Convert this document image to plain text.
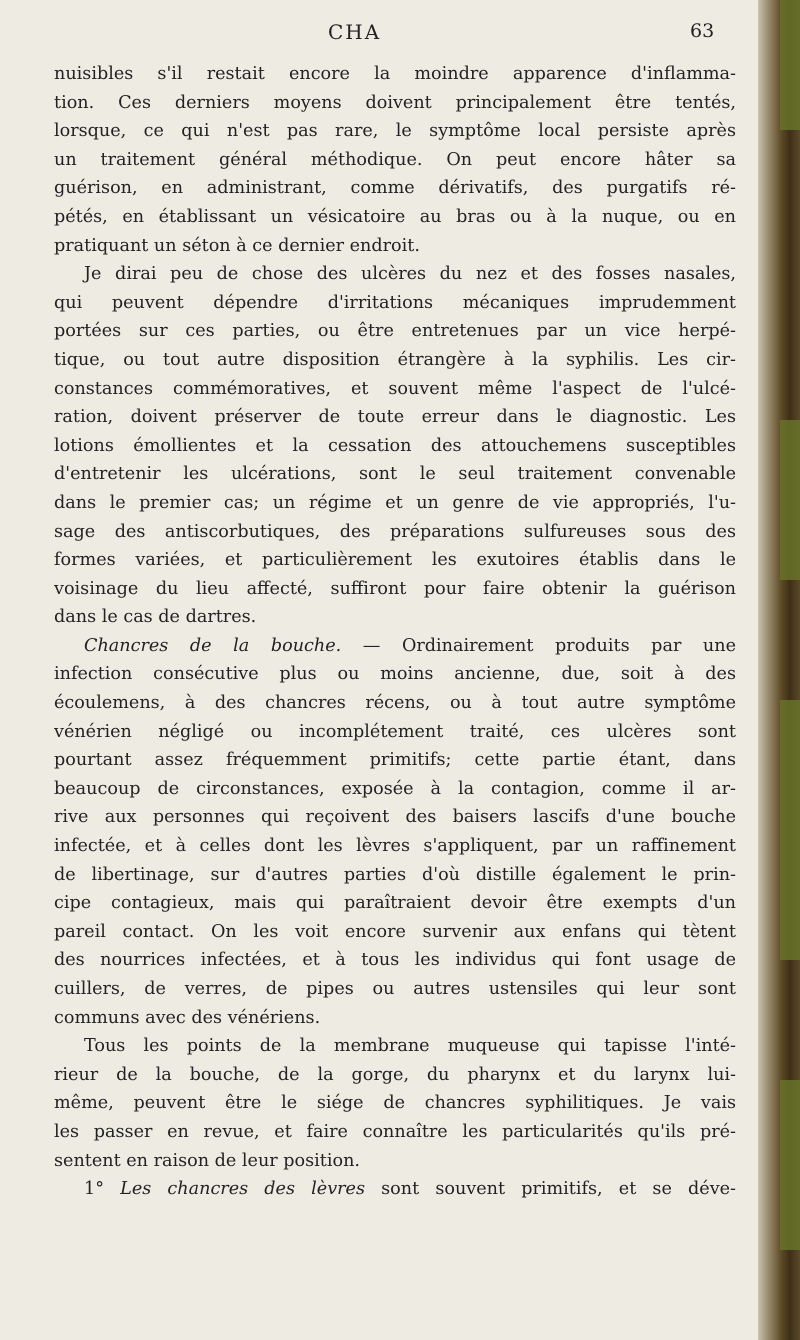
CHA	63
nuisibles s'il restait encore la moindre apparence d'inflamma-
tion. Ces derniers moyens doivent principalement être tentés,
lorsque, ce qui n'est pas rare, le symptôme local persiste après
un traitement général méthodique. On peut encore hâter sa
guérison, en administrant, comme dérivatifs, des purgatifs ré-
pétés, en établissant un vésicatoire au bras ou à la nuque, ou en
pratiquant un séton à ce dernier endroit.
Je dirai peu de chose des ulcères du nez et des fosses nasales,
qui peuvent dépendre d'irritations mécaniques imprudemment
portées sur ces parties, ou être entretenues par un vice herpé-
tique, ou tout autre disposition étrangère à la syphilis. Les cir-
constances commémoratives, et souvent même l'aspect de l'ulcé-
ration, doivent préserver de toute erreur dans le diagnostic. Les
lotions émollientes et la cessation des attouchemens susceptibles
d'entretenir les ulcérations, sont le seul traitement convenable
dans le premier cas; un régime et un genre de vie appropriés, l'u-
sage des antiscorbutiques, des préparations sulfureuses sous des
formes variées, et particulièrement les exutoires établis dans le
voisinage du lieu affecté, suffiront pour faire obtenir la guérison
dans le cas de dartres.
Chancres de la bouche. — Ordinairement produits par une
infection consécutive plus ou moins ancienne, due, soit à des
écoulemens, à des chancres récens, ou à tout autre symptôme
vénérien négligé ou incomplétement traité, ces ulcères sont
pourtant assez fréquemment primitifs; cette partie étant, dans
beaucoup de circonstances, exposée à la contagion, comme il ar-
rive aux personnes qui reçoivent des baisers lascifs d'une bouche
infectée, et à celles dont les lèvres s'appliquent, par un raffinement
de libertinage, sur d'autres parties d'où distille également le prin-
cipe contagieux, mais qui paraîtraient devoir être exempts d'un
pareil contact. On les voit encore survenir aux enfans qui tètent
des nourrices infectées, et à tous les individus qui font usage de
cuillers, de verres, de pipes ou autres ustensiles qui leur sont
communs avec des vénériens.
Tous les points de la membrane muqueuse qui tapisse l'inté-
rieur de la bouche, de la gorge, du pharynx et du larynx lui-
même, peuvent être le siége de chancres syphilitiques. Je vais
les passer en revue, et faire connaître les particularités qu'ils pré-
sentent en raison de leur position.
1° Les chancres des lèvres sont souvent primitifs, et se déve-
